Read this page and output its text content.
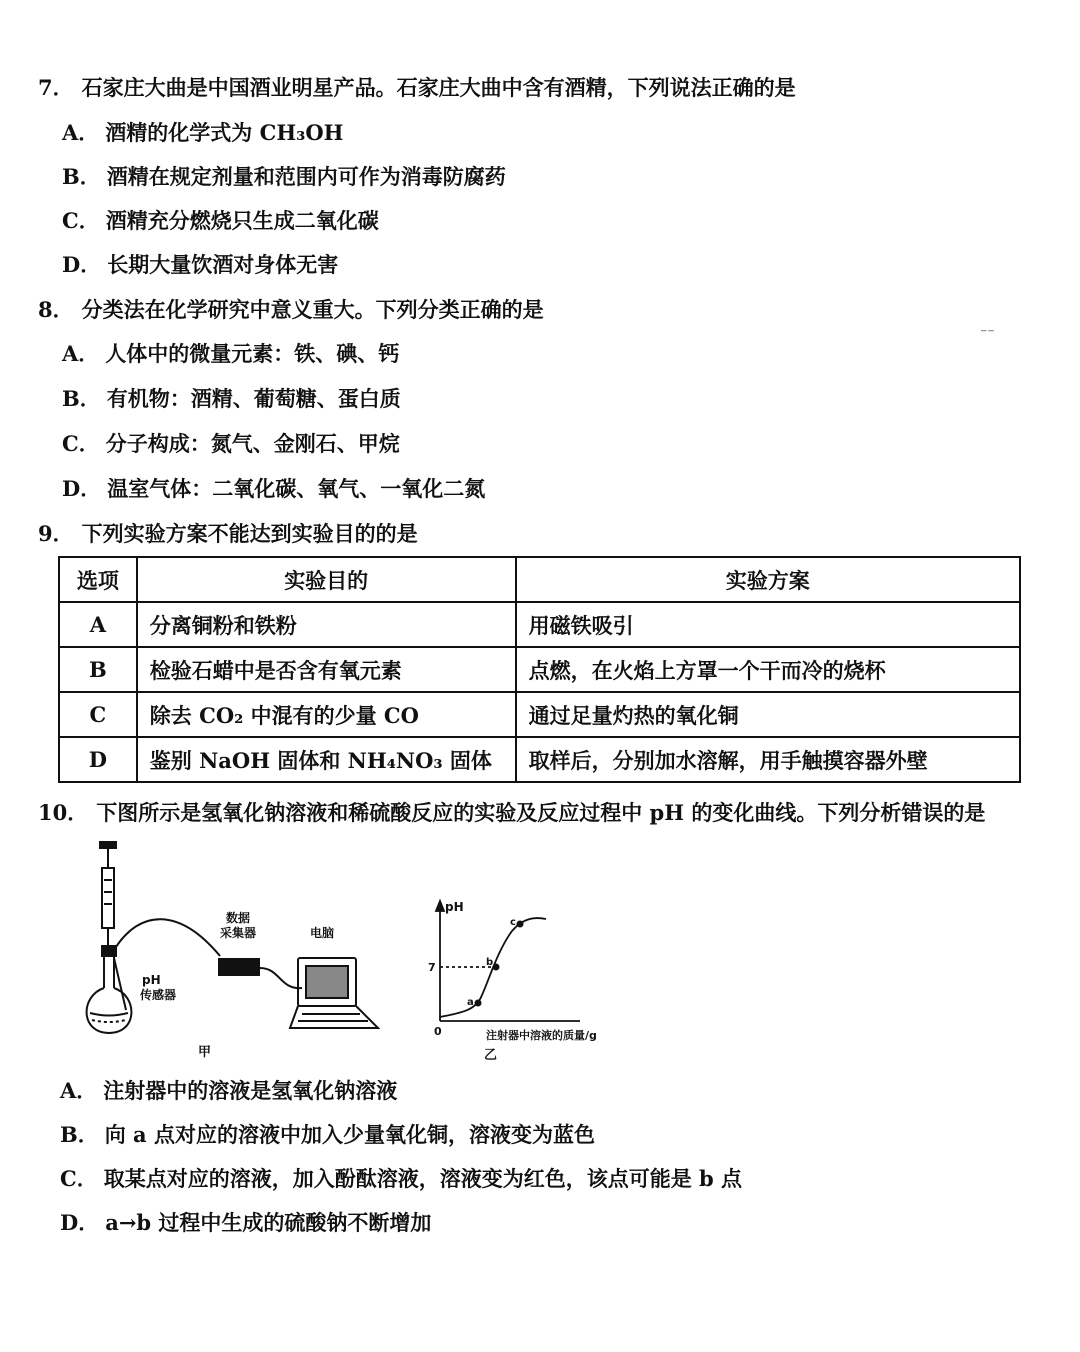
7． 石家庄大曲是中国酒业明星产品。石家庄大曲中含有酒精，下列说法正确的是
A． 酒精的化学式为 CH₃OH
B． 酒精在规定剂量和范围内可作为消毒防腐药
C． 酒精充分燃烧只生成二氧化碳
D． 长期大量饮酒对身体无害
8． 分类法在化学研究中意义重大。下列分类正确的是
⁻⁻
A． 人体中的微量元素：铁、碘、钙
B． 有机物：酒精、葡萄糖、蛋白质
C． 分子构成：氮气、金刚石、甲烷
D． 温室气体：二氧化碳、氧气、一氧化二氮
9． 下列实验方案不能达到实验目的的是
选项	实验目的	实验方案
A	分离铜粉和铁粉	用磁铁吸引
B	检验石蜡中是否含有氧元素	点燃，在火焰上方罩一个干而冷的烧杯
C	除去 CO₂ 中混有的少量 CO	通过足量灼热的氧化铜
D	鉴别 NaOH 固体和 NH₄NO₃ 固体	取样后，分别加水溶解，用手触摸容器外壁
10． 下图所示是氢氧化钠溶液和稀硫酸反应的实验及反应过程中 pH 的变化曲线。下列分析错误的是
数据
采集器	电脑
pH
传感器
甲
pH
7
0
a
b
c
注射器中溶液的质量/g
乙
A． 注射器中的溶液是氢氧化钠溶液
B． 向 a 点对应的溶液中加入少量氧化铜，溶液变为蓝色
C． 取某点对应的溶液，加入酚酞溶液，溶液变为红色，该点可能是 b 点
D． a→b 过程中生成的硫酸钠不断增加
